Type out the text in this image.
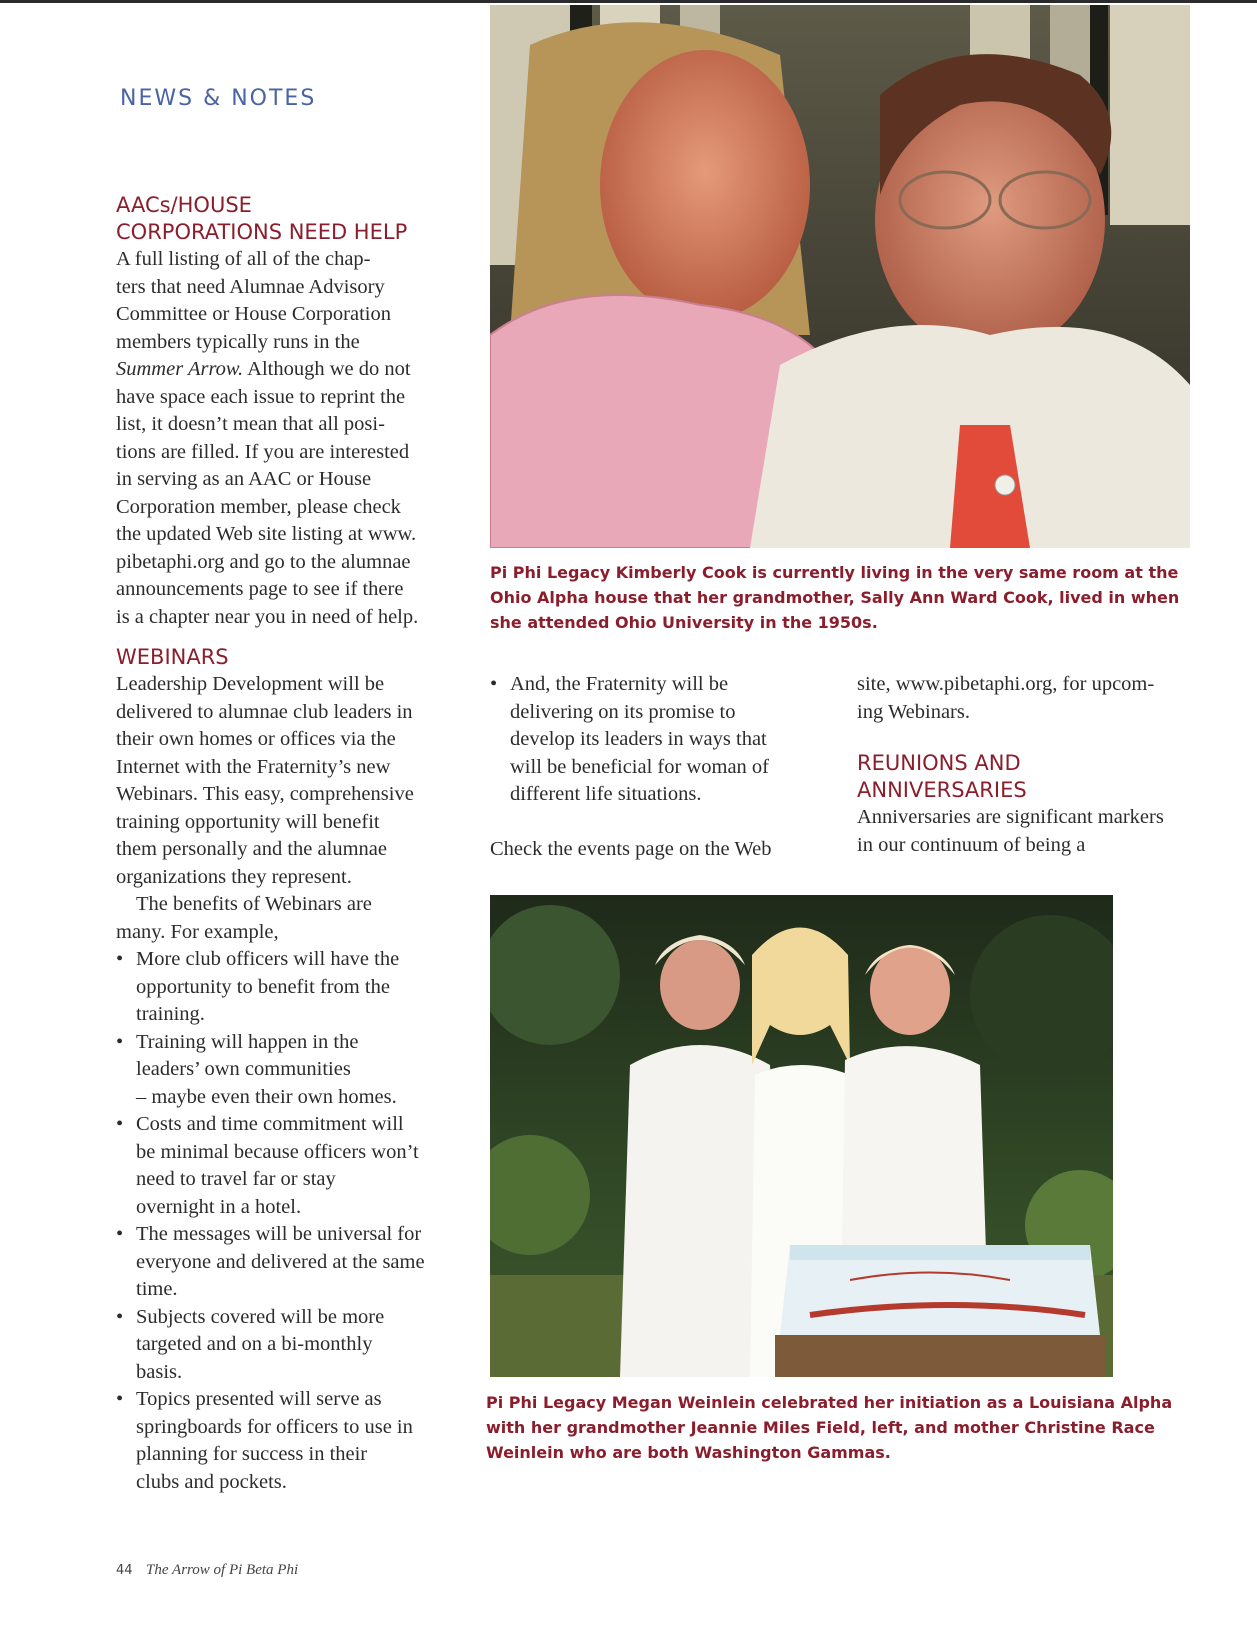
NEWS & NOTES
AACs/HOUSE
CORPORATIONS NEED HELP

A full listing of all of the chap-
ters that need Alumnae Advisory
Committee or House Corporation
members typically runs in the
Summer Arrow. Although we do not
have space each issue to reprint the
list, it doesn’t mean that all posi-
tions are filled. If you are interested
in serving as an AAC or House
Corporation member, please check
the updated Web site listing at www.
pibetaphi.org and go to the alumnae
announcements page to see if there
is a chapter near you in need of help.

WEBINARS

Leadership Development will be
delivered to alumnae club leaders in
their own homes or offices via the
Internet with the Fraternity’s new
Webinars. This easy, comprehensive
training opportunity will benefit
them personally and the alumnae
organizations they represent.

The benefits of Webinars are
many. For example,

• More club officers will have the
opportunity to benefit from the
training.
• Training will happen in the
leaders’ own communities
– maybe even their own homes.
• Costs and time commitment will
be minimal because officers won’t
need to travel far or stay
overnight in a hotel.
• The messages will be universal for
everyone and delivered at the same
time.
• Subjects covered will be more
targeted and on a bi-monthly
basis.
• Topics presented will serve as
springboards for officers to use in
planning for success in their
clubs and pockets.
Pi Phi Legacy Kimberly Cook is currently living in the very same room at the
Ohio Alpha house that her grandmother, Sally Ann Ward Cook, lived in when
she attended Ohio University in the 1950s.
• And, the Fraternity will be
delivering on its promise to
develop its leaders in ways that
will be beneficial for woman of
different life situations.

Check the events page on the Web

site, www.pibetaphi.org, for upcom-
ing Webinars.

REUNIONS AND
ANNIVERSARIES

Anniversaries are significant markers
in our continuum of being a

Pi Phi Legacy Megan Weinlein celebrated her initiation as a Louisiana Alpha
with her grandmother Jeannie Miles Field, left, and mother Christine Race
Weinlein who are both Washington Gammas.
44 The Arrow of Pi Beta Phi
